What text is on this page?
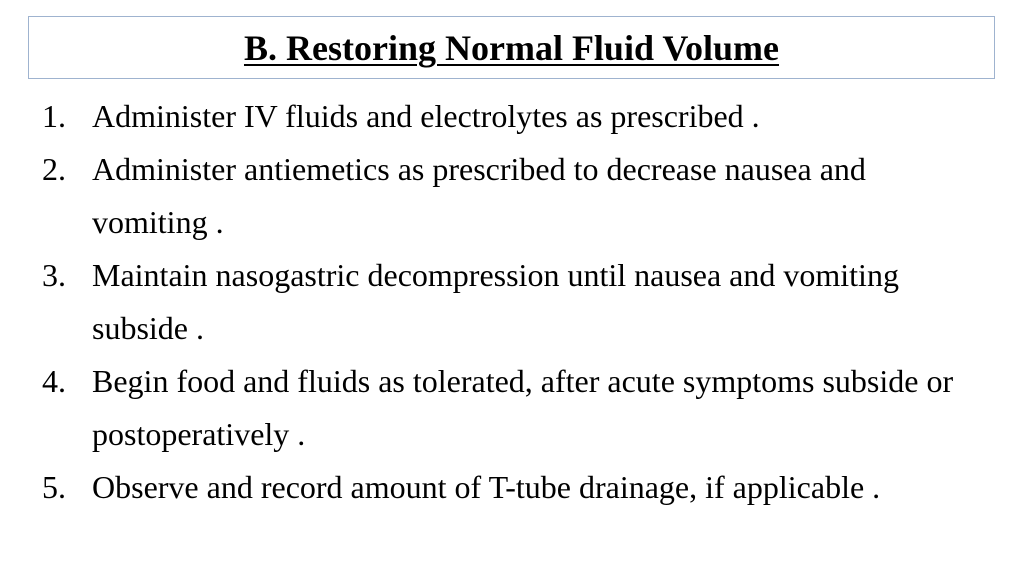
B. Restoring Normal Fluid Volume
1. Administer IV fluids and electrolytes as prescribed .
2. Administer antiemetics as prescribed to decrease nausea and vomiting .
3. Maintain nasogastric decompression until nausea and vomiting subside .
4. Begin food and fluids as tolerated, after acute symptoms subside or postoperatively .
5. Observe and record amount of T-tube drainage, if applicable .
